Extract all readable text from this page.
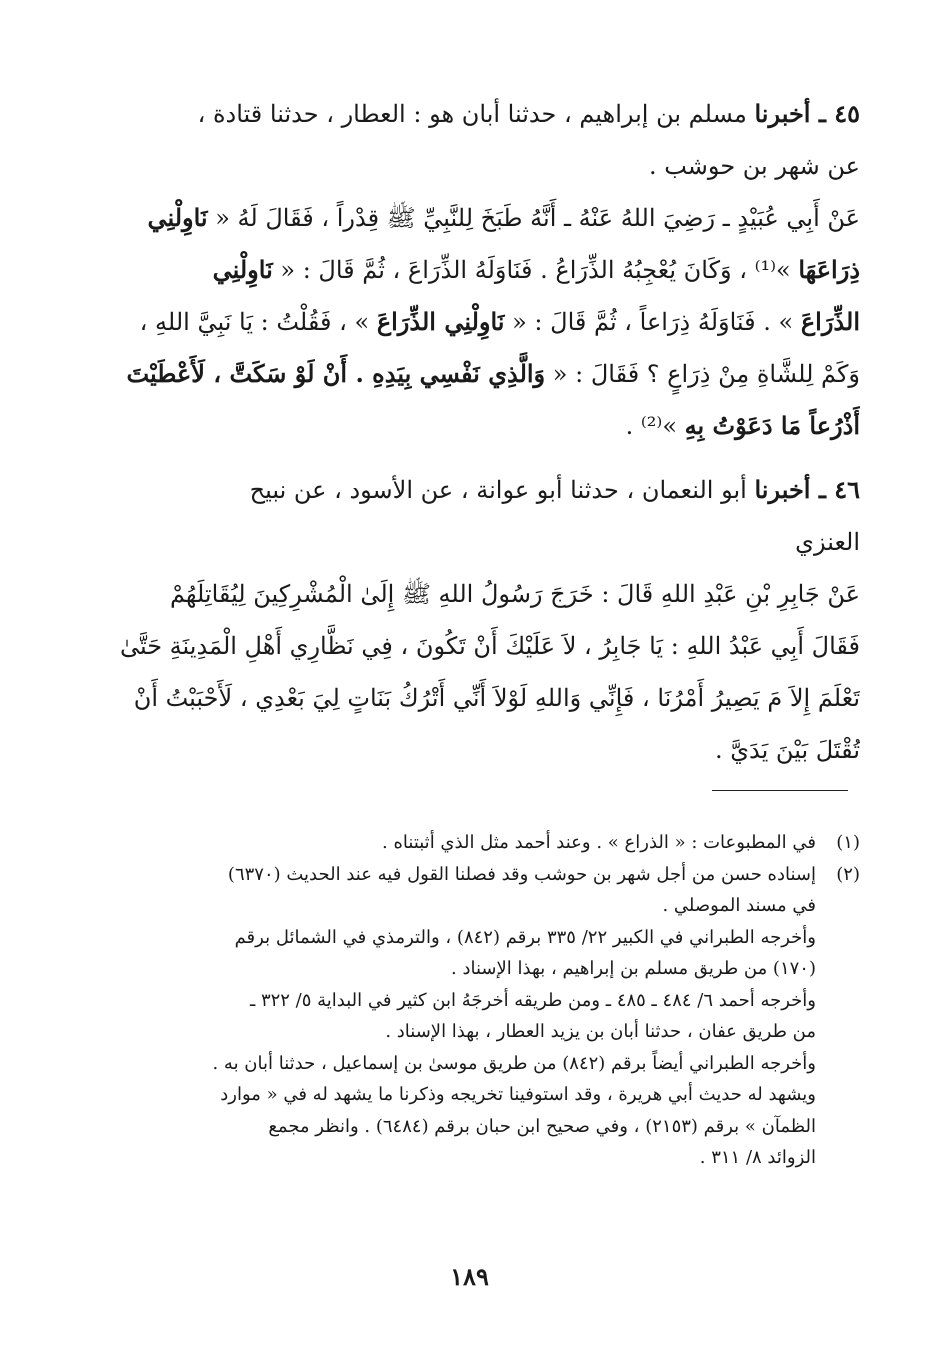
٤٥ ـ أخبرنا مسلم بن إبراهيم ، حدثنا أبان هو : العطار ، حدثنا قتادة ،
عن شهر بن حوشب .
عَنْ أَبِي عُبَيْدٍ ـ رَضِيَ اللهُ عَنْهُ ـ أَنَّهُ طَبَخَ لِلنَّبِيِّ ﷺ قِدْراً ، فَقَالَ لَهُ « نَاوِلْنِي
ذِرَاعَهَا »⁽¹⁾ ، وَكَانَ يُعْجِبُهُ الذِّرَاعُ . فَنَاوَلَهُ الذِّرَاعَ ، ثُمَّ قَالَ : « نَاوِلْنِي
الذِّرَاعَ » . فَنَاوَلَهُ ذِرَاعاً ، ثُمَّ قَالَ : « نَاوِلْنِي الذِّرَاعَ » ، فَقُلْتُ : يَا نَبِيَّ اللهِ ،
وَكَمْ لِلشَّاةِ مِنْ ذِرَاعٍ ؟ فَقَالَ : « وَالَّذِي نَفْسِي بِيَدِهِ . أَنْ لَوْ سَكَتَّ ، لَأَعْطَيْتَ
أَذْرُعاً مَا دَعَوْتُ بِهِ »⁽²⁾ .
٤٦ ـ أخبرنا أبو النعمان ، حدثنا أبو عوانة ، عن الأسود ، عن نبيح
العنزي
عَنْ جَابِرِ بْنِ عَبْدِ اللهِ قَالَ : خَرَجَ رَسُولُ اللهِ ﷺ إِلَىٰ الْمُشْرِكِينَ لِيُقَاتِلَهُمْ
فَقَالَ أَبِي عَبْدُ اللهِ : يَا جَابِرُ ، لاَ عَلَيْكَ أَنْ تَكُونَ ، فِي نَظَّارِي أَهْلِ الْمَدِينَةِ حَتَّىٰ
تَعْلَمَ إِلاَ مَ يَصِيرُ أَمْرُنَا ، فَإِنِّي وَاللهِ لَوْلاَ أَنِّي أَتْرُكُ بَنَاتٍ لِيَ بَعْدِي ، لَأَحْبَبْتُ أَنْ
تُقْتَلَ بَيْنَ يَدَيَّ .
(١)في المطبوعات : « الذراع » . وعند أحمد مثل الذي أثبتناه .
(٢)إسناده حسن من أجل شهر بن حوشب وقد فصلنا القول فيه عند الحديث (٦٣٧٠)
في مسند الموصلي .
وأخرجه الطبراني في الكبير ٢٢/ ٣٣٥ برقم (٨٤٢) ، والترمذي في الشمائل برقم
(١٧٠) من طريق مسلم بن إبراهيم ، بهذا الإسناد .
وأخرجه أحمد ٦/ ٤٨٤ ـ ٤٨٥ ـ ومن طريقه أخرجَهُ ابن كثير في البداية ٥/ ٣٢٢ ـ
من طريق عفان ، حدثنا أبان بن يزيد العطار ، بهذا الإسناد .
وأخرجه الطبراني أيضاً برقم (٨٤٢) من طريق موسىٰ بن إسماعيل ، حدثنا أبان به .
ويشهد له حديث أبي هريرة ، وقد استوفينا تخريجه وذكرنا ما يشهد له في « موارد
الظمآن » برقم (٢١٥٣) ، وفي صحيح ابن حبان برقم (٦٤٨٤) . وانظر مجمع
الزوائد ٨/ ٣١١ .
١٨٩
